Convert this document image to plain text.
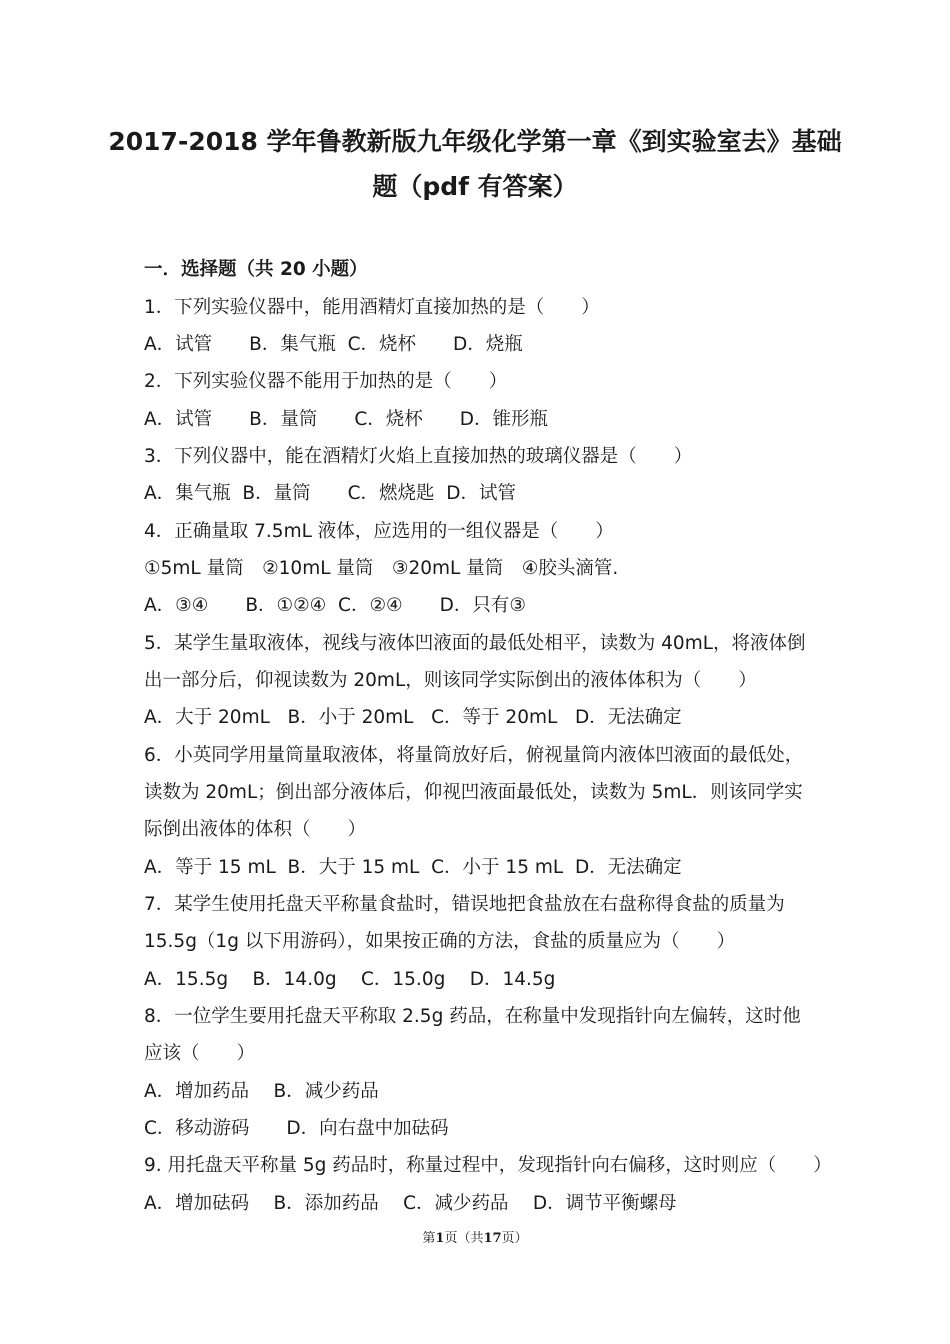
2017-2018 学年鲁教新版九年级化学第一章《到实验室去》基础
题（pdf 有答案）
一．选择题（共 20 小题）
1．下列实验仪器中，能用酒精灯直接加热的是（　　）
A．试管　　B．集气瓶  C．烧杯　　D．烧瓶
2．下列实验仪器不能用于加热的是（　　）
A．试管　　B．量筒　　C．烧杯　　D．锥形瓶
3．下列仪器中，能在酒精灯火焰上直接加热的玻璃仪器是（　　）
A．集气瓶  B．量筒　　C．燃烧匙  D．试管
4．正确量取 7.5mL 液体，应选用的一组仪器是（　　）
①5mL 量筒　②10mL 量筒　③20mL 量筒　④胶头滴管.
A．③④　　B．①②④  C．②④　　D．只有③
5．某学生量取液体，视线与液体凹液面的最低处相平，读数为 40mL，将液体倒
出一部分后，仰视读数为 20mL，则该同学实际倒出的液体体积为（　　）
A．大于 20mL   B．小于 20mL   C．等于 20mL   D．无法确定
6．小英同学用量筒量取液体，将量筒放好后，俯视量筒内液体凹液面的最低处，
读数为 20mL；倒出部分液体后，仰视凹液面最低处，读数为 5mL．则该同学实
际倒出液体的体积（　　）
A．等于 15 mL  B．大于 15 mL  C．小于 15 mL  D．无法确定
7．某学生使用托盘天平称量食盐时，错误地把食盐放在右盘称得食盐的质量为
15.5g（1g 以下用游码），如果按正确的方法，食盐的质量应为（　　）
A．15.5g　 B．14.0g　 C．15.0g　 D．14.5g
8．一位学生要用托盘天平称取 2.5g 药品，在称量中发现指针向左偏转，这时他
应该（　　）
A．增加药品　 B．减少药品
C．移动游码　　D．向右盘中加砝码
9. 用托盘天平称量 5g 药品时，称量过程中，发现指针向右偏移，这时则应（　　）
A．增加砝码　 B．添加药品　 C．减少药品　 D．调节平衡螺母
第1页（共17页）
